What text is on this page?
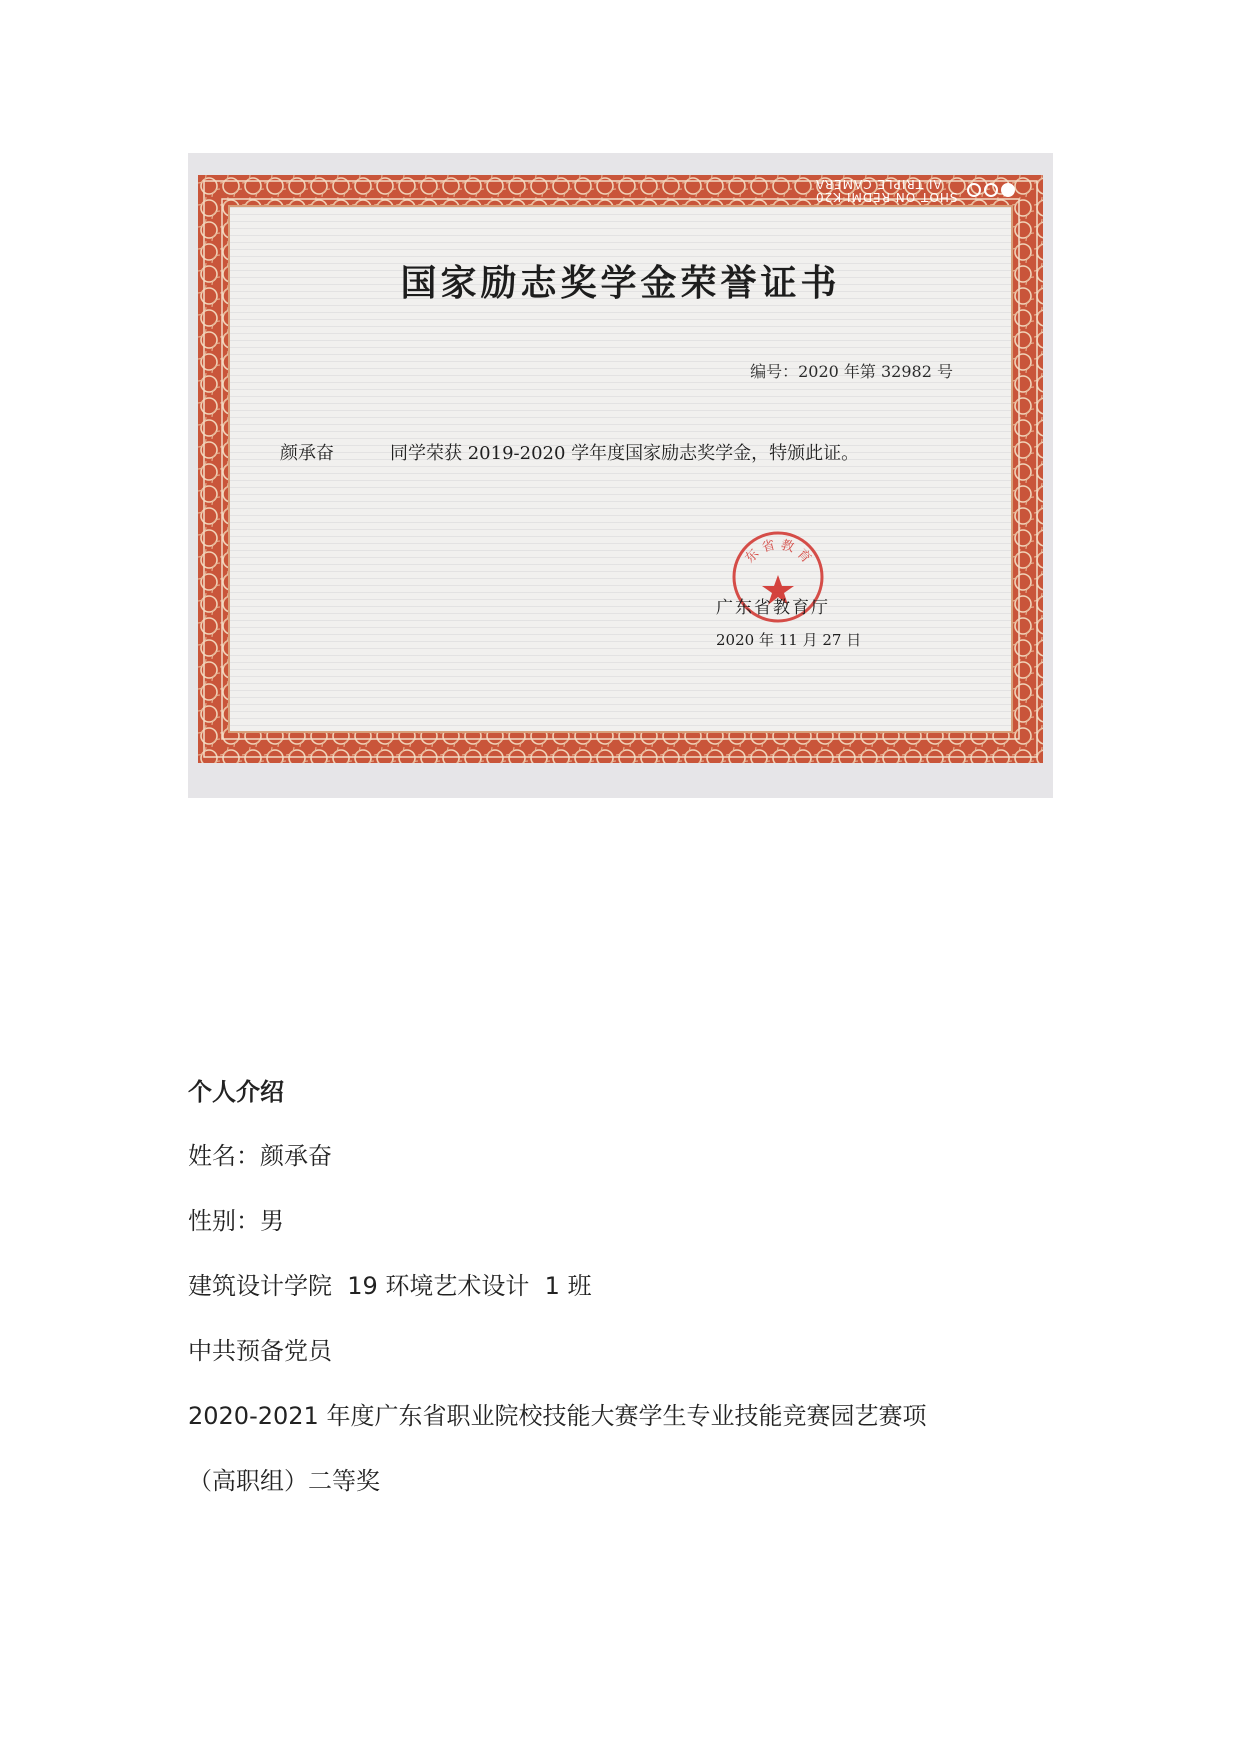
SHOT ON REDMI K20
AI TRIPLE CAMERA
国家励志奖学金荣誉证书
编号：2020 年第 32982 号
颜承奋	同学荣获 2019-2020 学年度国家励志奖学金，特颁此证。
东 省 教 育
广东省教育厅
2020 年 11 月 27 日
个人介绍
姓名：颜承奋
性别：男
建筑设计学院  19 环境艺术设计  1 班
中共预备党员
2020-2021 年度广东省职业院校技能大赛学生专业技能竞赛园艺赛项
（高职组）二等奖
